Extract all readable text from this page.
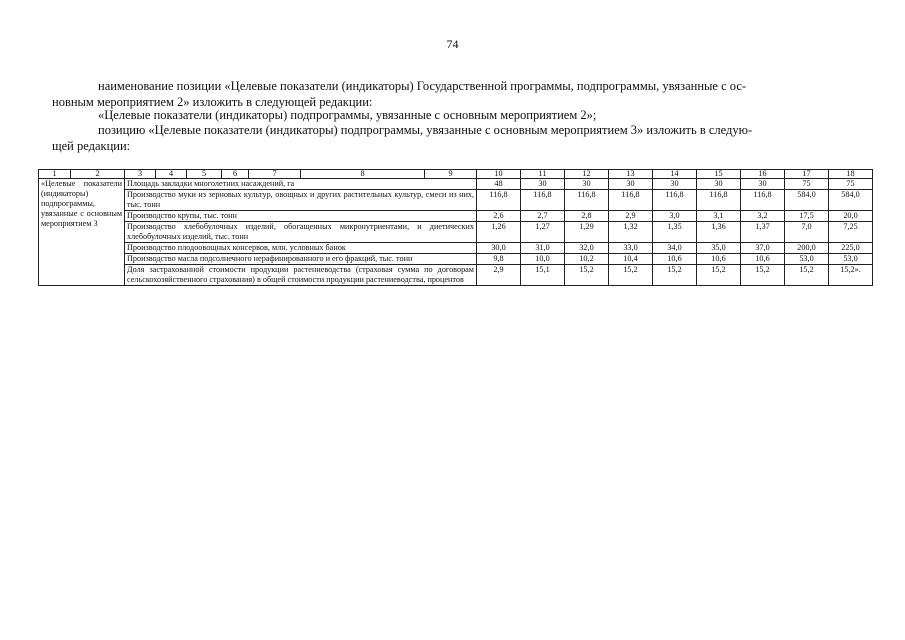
74
наименование позиции «Целевые показатели (индикаторы) Государственной программы, подпрограммы, увязанные с ос-
новным мероприятием 2» изложить в следующей редакции:
«Целевые показатели (индикаторы) подпрограммы, увязанные с основным мероприятием 2»;
позицию «Целевые показатели (индикаторы) подпрограммы, увязанные с основным мероприятием 3» изложить в следую-
щей редакции:
1	2	3	4	5	6	7	8	9	10	11	12	13	14	15	16	17	18
«Целевые показатели (индикаторы) подпрограммы, увязанные с основным мероприятием 3		Площадь закладки многолетних насаждений, га							48	30	30	30	30	30	30	75	75
		Производство муки из зерновых культур, овощных и других растительных культур, смеси из них, тыс. тонн							116,8	116,8	116,8	116,8	116,8	116,8	116,8	584,0	584,0
		Производство крупы, тыс. тонн							2,6	2,7	2,8	2,9	3,0	3,1	3,2	17,5	20,0
		Производство хлебобулочных изделий, обогащенных микронутриентами, и диетических хлебобулочных изделий, тыс. тонн							1,26	1,27	1,29	1,32	1,35	1,36	1,37	7,0	7,25
		Производство плодоовощных консервов, млн. условных банок							30,0	31,0	32,0	33,0	34,0	35,0	37,0	200,0	225,0
		Производство масла подсолнечного нерафинированного и его фракций, тыс. тонн							9,8	10,0	10,2	10,4	10,6	10,6	10,6	53,0	53,0
		Доля застрахованной стоимости продукции растениеводства (страховая сумма по договорам сельскохозяйственного страхования) в общей стоимости продукции растениеводства, процентов							2,9	15,1	15,2	15,2	15,2	15,2	15,2	15,2	15,2».
